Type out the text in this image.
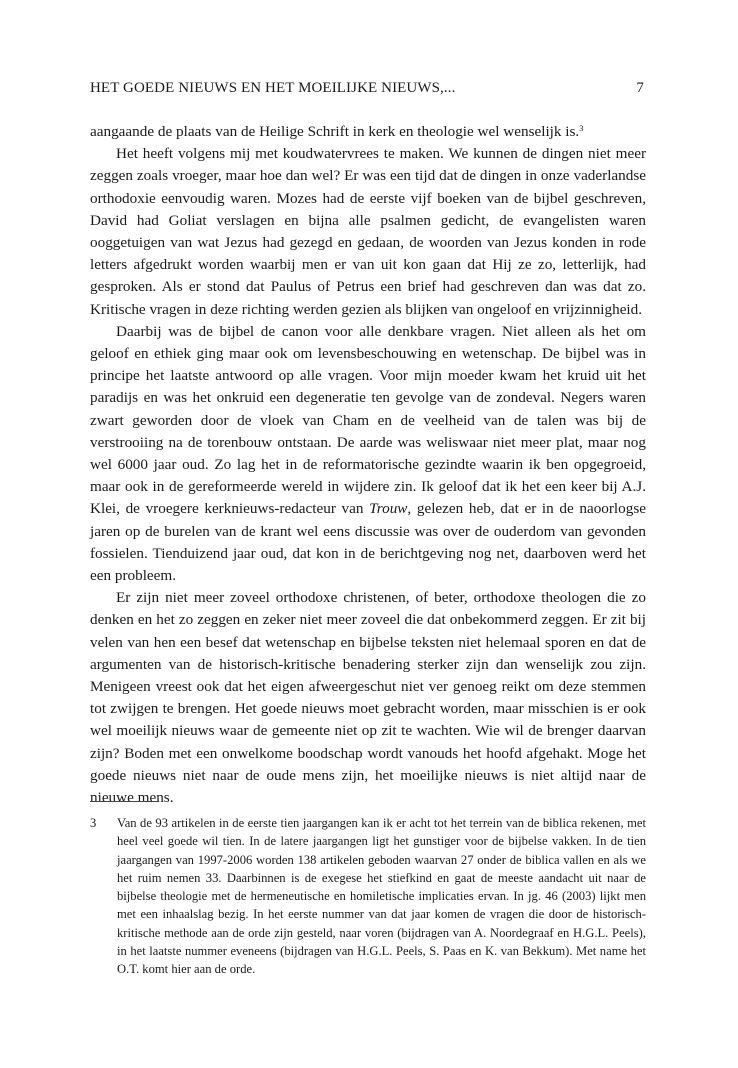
HET GOEDE NIEUWS EN HET MOEILIJKE NIEUWS,...	7

aangaande de plaats van de Heilige Schrift in kerk en theologie wel wenselijk is.$^3$

Het heeft volgens mij met koudwatervrees te maken. We kunnen de dingen niet meer zeggen zoals vroeger, maar hoe dan wel? Er was een tijd dat de dingen in onze vaderlandse orthodoxie eenvoudig waren. Mozes had de eerste vijf boeken van de bijbel geschreven, David had Goliat verslagen en bijna alle psalmen gedicht, de evangelisten waren ooggetuigen van wat Jezus had gezegd en gedaan, de woorden van Jezus konden in rode letters afgedrukt worden waarbij men er van uit kon gaan dat Hij ze zo, letterlijk, had gesproken. Als er stond dat Paulus of Petrus een brief had geschreven dan was dat zo. Kritische vragen in deze richting werden gezien als blijken van ongeloof en vrijzinnigheid.

Daarbij was de bijbel de canon voor alle denkbare vragen. Niet alleen als het om geloof en ethiek ging maar ook om levensbeschouwing en wetenschap. De bijbel was in principe het laatste antwoord op alle vragen. Voor mijn moeder kwam het kruid uit het paradijs en was het onkruid een degeneratie ten gevolge van de zondeval. Negers waren zwart geworden door de vloek van Cham en de veelheid van de talen was bij de verstrooiing na de torenbouw ontstaan. De aarde was weliswaar niet meer plat, maar nog wel 6000 jaar oud. Zo lag het in de reformatorische gezindte waarin ik ben opgegroeid, maar ook in de gereformeerde wereld in wijdere zin. Ik geloof dat ik het een keer bij A.J. Klei, de vroegere kerknieuws-redacteur van Trouw, gelezen heb, dat er in de naoorlogse jaren op de burelen van de krant wel eens discussie was over de ouderdom van gevonden fossielen. Tienduizend jaar oud, dat kon in de berichtgeving nog net, daarboven werd het een probleem.

Er zijn niet meer zoveel orthodoxe christenen, of beter, orthodoxe theologen die zo denken en het zo zeggen en zeker niet meer zoveel die dat onbekommerd zeggen. Er zit bij velen van hen een besef dat wetenschap en bijbelse teksten niet helemaal sporen en dat de argumenten van de historisch-kritische benadering sterker zijn dan wenselijk zou zijn. Menigeen vreest ook dat het eigen afweergeschut niet ver genoeg reikt om deze stemmen tot zwijgen te brengen. Het goede nieuws moet gebracht worden, maar misschien is er ook wel moeilijk nieuws waar de gemeente niet op zit te wachten. Wie wil de brenger daarvan zijn? Boden met een onwelkome boodschap wordt vanouds het hoofd afgehakt. Moge het goede nieuws niet naar de oude mens zijn, het moeilijke nieuws is niet altijd naar de nieuwe mens.

3 Van de 93 artikelen in de eerste tien jaargangen kan ik er acht tot het terrein van de biblica rekenen, met heel veel goede wil tien. In de latere jaargangen ligt het gunstiger voor de bijbelse vakken. In de tien jaargangen van 1997-2006 worden 138 artikelen geboden waarvan 27 onder de biblica vallen en als we het ruim nemen 33. Daarbinnen is de exegese het stiefkind en gaat de meeste aandacht uit naar de bijbelse theologie met de hermeneutische en homiletische implicaties ervan. In jg. 46 (2003) lijkt men met een inhaalslag bezig. In het eerste nummer van dat jaar komen de vragen die door de historisch-kritische methode aan de orde zijn gesteld, naar voren (bijdragen van A. Noordegraaf en H.G.L. Peels), in het laatste nummer eveneens (bijdragen van H.G.L. Peels, S. Paas en K. van Bekkum). Met name het O.T. komt hier aan de orde.
